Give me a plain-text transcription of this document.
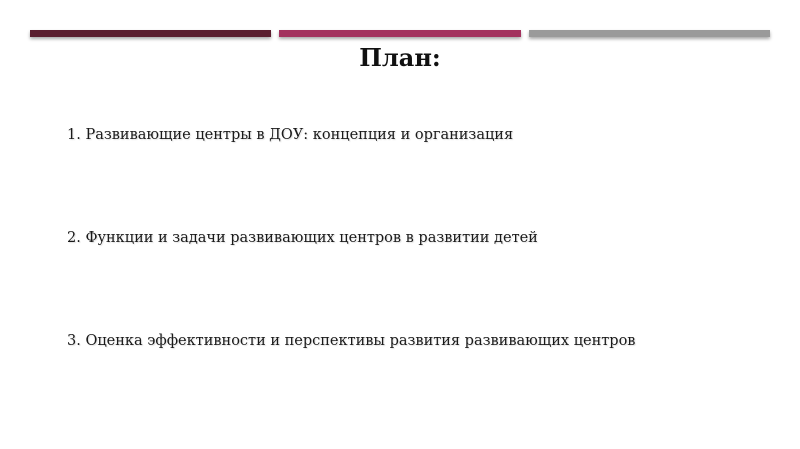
План:
1. Развивающие центры в ДОУ: концепция и организация
2. Функции и задачи развивающих центров в развитии детей
3. Оценка эффективности и перспективы развития развивающих центров
